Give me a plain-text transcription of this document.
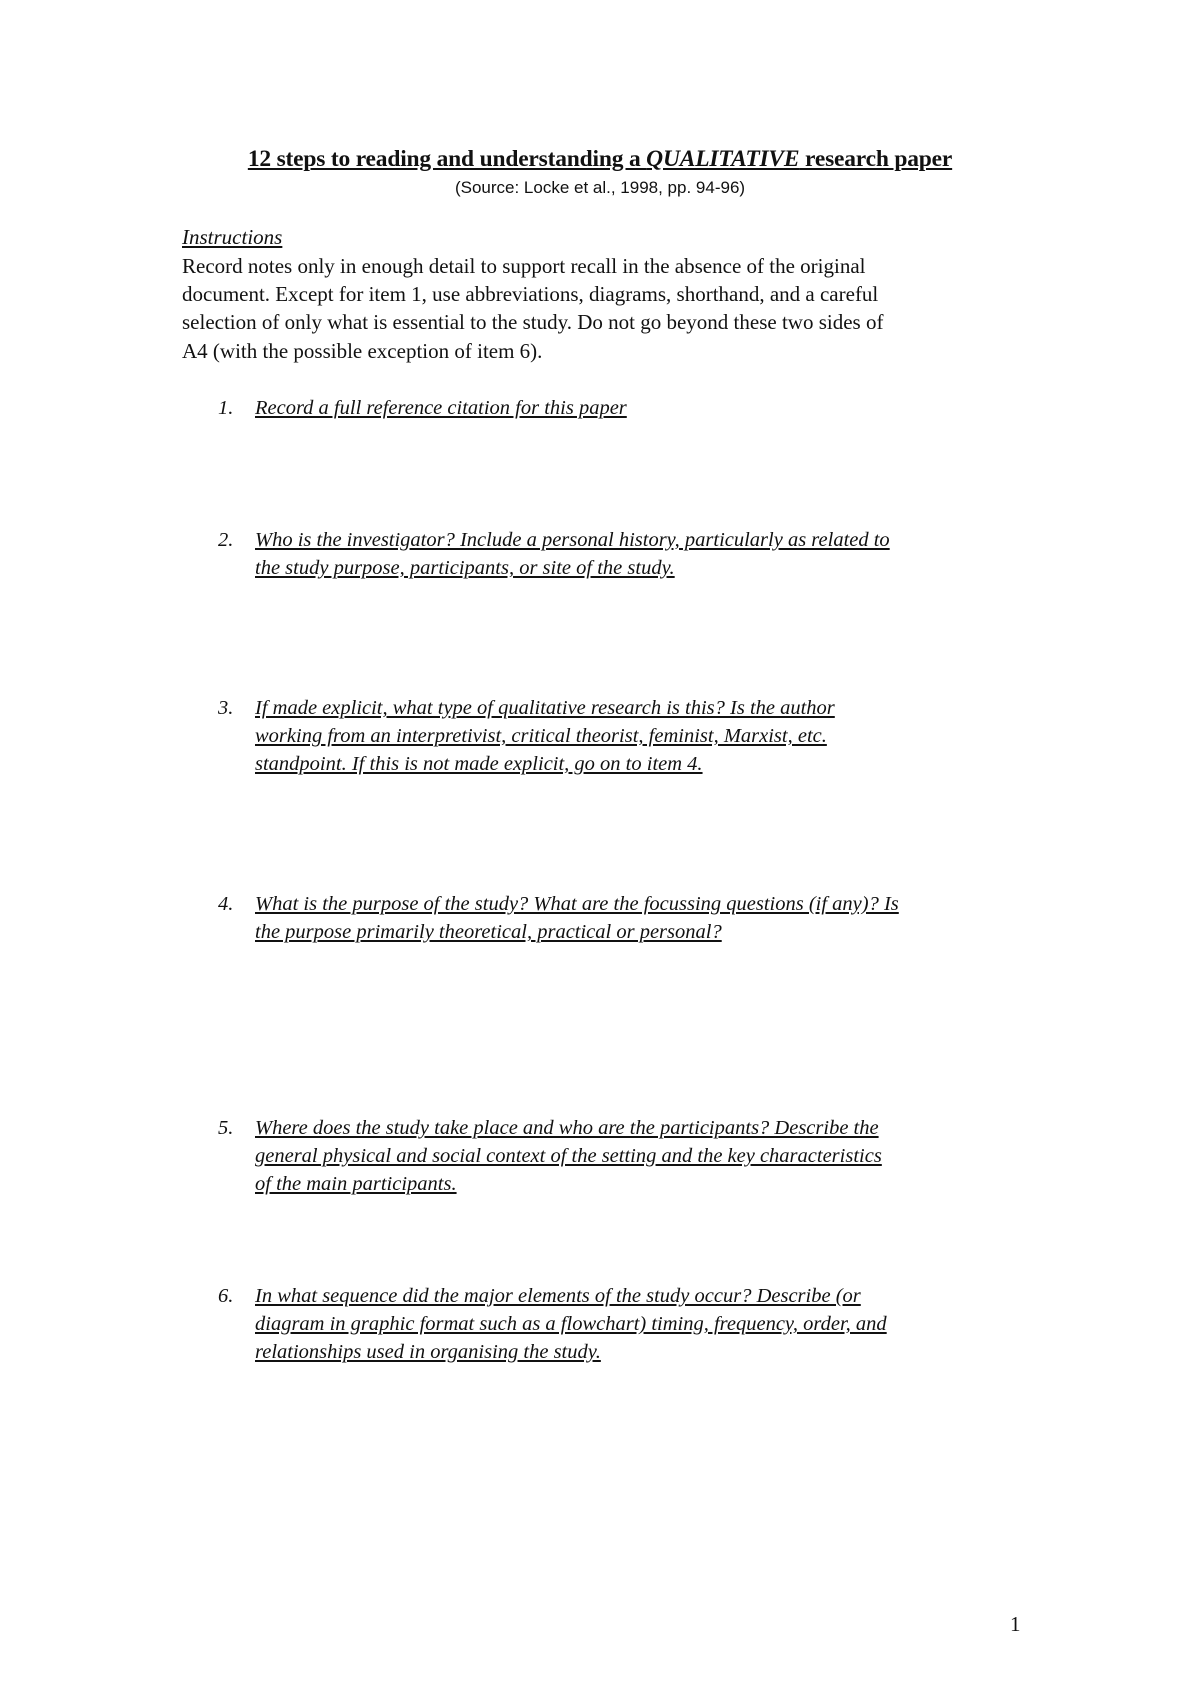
12 steps to reading and understanding a QUALITATIVE research paper
(Source: Locke et al., 1998, pp. 94-96)
Instructions
Record notes only in enough detail to support recall in the absence of the original
document. Except for item 1, use abbreviations, diagrams, shorthand, and a careful
selection of only what is essential to the study. Do not go beyond these two sides of
A4 (with the possible exception of item 6).
1. Record a full reference citation for this paper
2. Who is the investigator? Include a personal history, particularly as related to
the study purpose, participants, or site of the study.
3. If made explicit, what type of qualitative research is this? Is the author
working from an interpretivist, critical theorist, feminist, Marxist, etc.
standpoint. If this is not made explicit, go on to item 4.
4. What is the purpose of the study? What are the focussing questions (if any)? Is
the purpose primarily theoretical, practical or personal?
5. Where does the study take place and who are the participants? Describe the
general physical and social context of the setting and the key characteristics
of the main participants.
6. In what sequence did the major elements of the study occur? Describe (or
diagram in graphic format such as a flowchart) timing, frequency, order, and
relationships used in organising the study.
1
